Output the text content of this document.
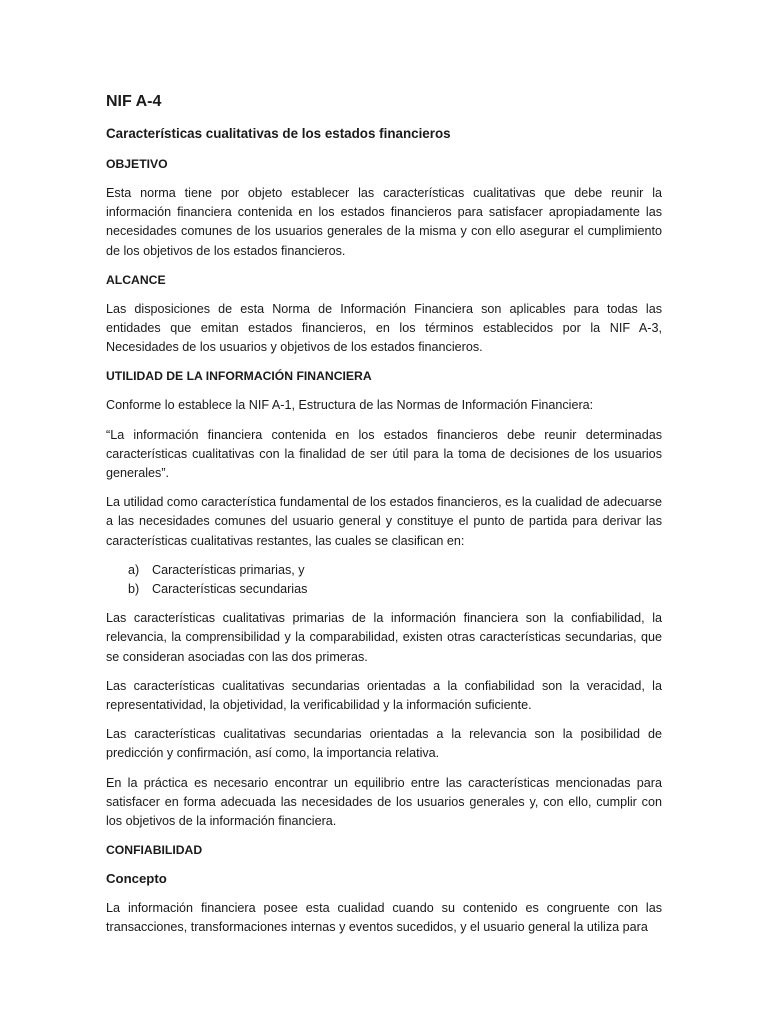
NIF A-4
Características cualitativas de los estados financieros
OBJETIVO

Esta norma tiene por objeto establecer las características cualitativas que debe reunir la información financiera contenida en los estados financieros para satisfacer apropiadamente las necesidades comunes de los usuarios generales de la misma y con ello asegurar el cumplimiento de los objetivos de los estados financieros.

ALCANCE

Las disposiciones de esta Norma de Información Financiera son aplicables para todas las entidades que emitan estados financieros, en los términos establecidos por la NIF A-3, Necesidades de los usuarios y objetivos de los estados financieros.

UTILIDAD DE LA INFORMACIÓN FINANCIERA

Conforme lo establece la NIF A-1, Estructura de las Normas de Información Financiera:

“La información financiera contenida en los estados financieros debe reunir determinadas características cualitativas con la finalidad de ser útil para la toma de decisiones de los usuarios generales”.

La utilidad como característica fundamental de los estados financieros, es la cualidad de adecuarse a las necesidades comunes del usuario general y constituye el punto de partida para derivar las características cualitativas restantes, las cuales se clasifican en:

a)	Características primarias, y
b)	Características secundarias

Las características cualitativas primarias de la información financiera son la confiabilidad, la relevancia, la comprensibilidad y la comparabilidad, existen otras características secundarias, que se consideran asociadas con las dos primeras.

Las características cualitativas secundarias orientadas a la confiabilidad son la veracidad, la representatividad, la objetividad, la verificabilidad y la información suficiente.

Las características cualitativas secundarias orientadas a la relevancia son la posibilidad de predicción y confirmación, así como, la importancia relativa.

En la práctica es necesario encontrar un equilibrio entre las características mencionadas para satisfacer en forma adecuada las necesidades de los usuarios generales y, con ello, cumplir con los objetivos de la información financiera.

CONFIABILIDAD
Concepto

La información financiera posee esta cualidad cuando su contenido es congruente con las transacciones, transformaciones internas y eventos sucedidos, y el usuario general la utiliza para
